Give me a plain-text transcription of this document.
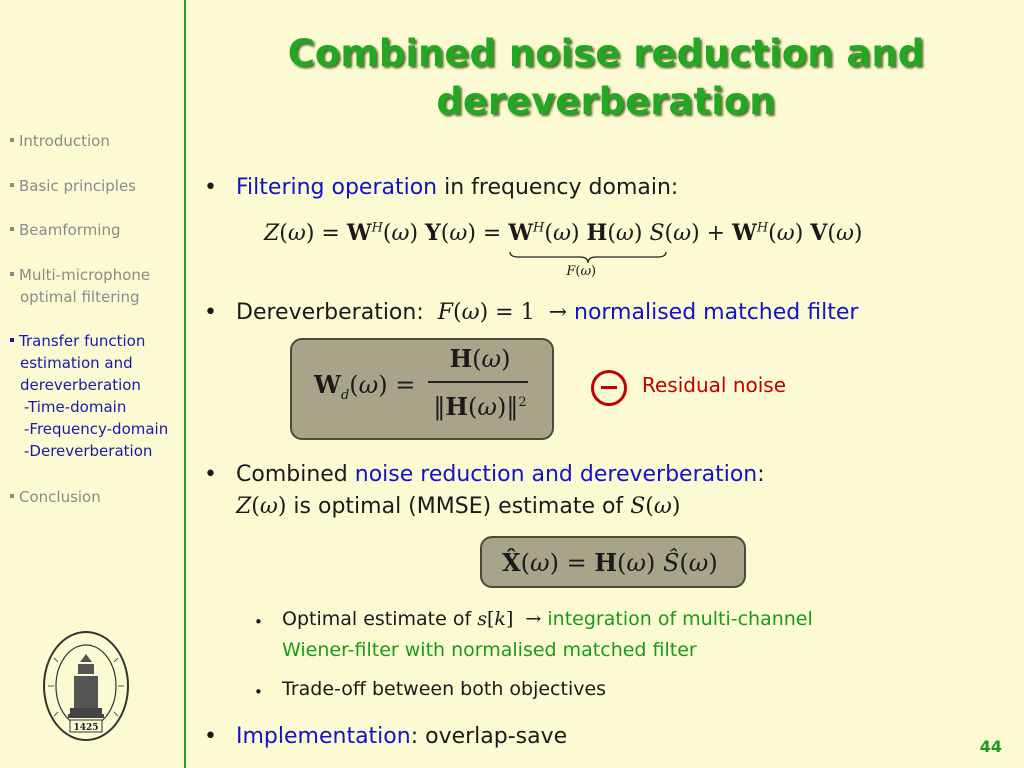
Introduction
Basic principles
Beamforming
Multi-microphone
optimal filtering
Transfer function
estimation and
dereverberation
-Time-domain
-Frequency-domain
-Dereverberation
Conclusion
1425
Combined noise reduction and
dereverberation
• Filtering operation in frequency domain:
$Z(\omega) = W^H(\omega) Y(\omega) = W^H(\omega)$ H(ω)
F(ω)
$S(\omega) + W^H(\omega)$ V(ω)
• Dereverberation: F(ω) = 1  → normalised matched filter
$W_d(\omega)$ =
H(ω)
‖H(ω)‖$^2$
Residual noise
• Combined noise reduction and dereverberation:
Z(ω) is optimal (MMSE) estimate of S(ω)
X̂(ω) = H(ω) Ŝ(ω)
• Optimal estimate of s[k]  → integration of multi-channel
Wiener-filter with normalised matched filter
• Trade-off between both objectives
• Implementation: overlap-save	44
